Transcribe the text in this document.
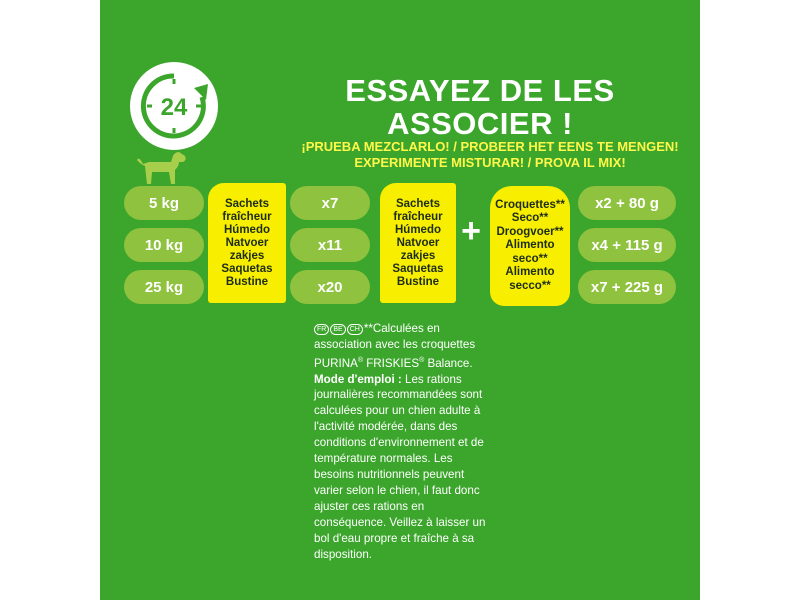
24	ESSAYEZ DE LES
ASSOCIER !
¡PRUEBA MEZCLARLO! / PROBEER HET EENS TE MENGEN!
EXPERIMENTE MISTURAR! / PROVA IL MIX!
5 kg
10 kg
25 kg
Sachets
fraîcheur
Húmedo
Natvoer zakjes
Saquetas
Bustine
x7
x11
x20
Sachets
fraîcheur
Húmedo
Natvoer zakjes
Saquetas
Bustine
+
Croquettes**
Seco**
Droogvoer**
Alimento seco**
Alimento
secco**
x2 + 80 g
x4 + 115 g
x7 + 225 g
FR BE CH **Calculées en association avec les croquettes PURINA® FRISKIES® Balance. Mode d'emploi : Les rations journalières recommandées sont calculées pour un chien adulte à l'activité modérée, dans des conditions d'environnement et de température normales. Les besoins nutritionnels peuvent varier selon le chien, il faut donc ajuster ces rations en conséquence. Veillez à laisser un bol d'eau propre et fraîche à sa disposition.
